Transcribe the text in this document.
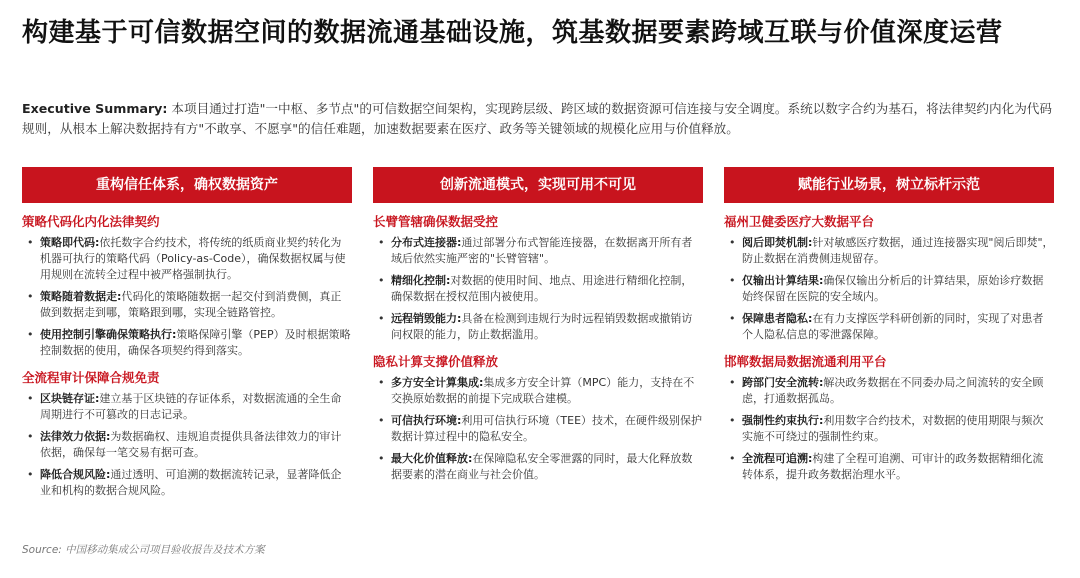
构建基于可信数据空间的数据流通基础设施，筑基数据要素跨域互联与价值深度运营
Executive Summary: 本项目通过打造"一中枢、多节点"的可信数据空间架构，实现跨层级、跨区域的数据资源可信连接与安全调度。系统以数字合约为基石，将法律契约内化为代码规则，从根本上解决数据持有方"不敢享、不愿享"的信任难题，加速数据要素在医疗、政务等关键领域的规模化应用与价值释放。
重构信任体系，确权数据资产
策略代码化内化法律契约
• 策略即代码:依托数字合约技术，将传统的纸质商业契约转化为机器可执行的策略代码（Policy-as-Code），确保数据权属与使用规则在流转全过程中被严格强制执行。
• 策略随着数据走:代码化的策略随数据一起交付到消费侧，真正做到数据走到哪，策略跟到哪，实现全链路管控。
• 使用控制引擎确保策略执行:策略保障引擎（PEP）及时根据策略控制数据的使用，确保各项契约得到落实。
全流程审计保障合规免责
• 区块链存证:建立基于区块链的存证体系，对数据流通的全生命周期进行不可篡改的日志记录。
• 法律效力依据:为数据确权、违规追责提供具备法律效力的审计依据，确保每一笔交易有据可查。
• 降低合规风险:通过透明、可追溯的数据流转记录，显著降低企业和机构的数据合规风险。
创新流通模式，实现可用不可见
长臂管辖确保数据受控
• 分布式连接器:通过部署分布式智能连接器，在数据离开所有者域后依然实施严密的"长臂管辖"。
• 精细化控制:对数据的使用时间、地点、用途进行精细化控制，确保数据在授权范围内被使用。
• 远程销毁能力:具备在检测到违规行为时远程销毁数据或撤销访问权限的能力，防止数据滥用。
隐私计算支撑价值释放
• 多方安全计算集成:集成多方安全计算（MPC）能力，支持在不交换原始数据的前提下完成联合建模。
• 可信执行环境:利用可信执行环境（TEE）技术，在硬件级别保护数据计算过程中的隐私安全。
• 最大化价值释放:在保障隐私安全零泄露的同时，最大化释放数据要素的潜在商业与社会价值。
赋能行业场景，树立标杆示范
福州卫健委医疗大数据平台
• 阅后即焚机制:针对敏感医疗数据，通过连接器实现"阅后即焚"，防止数据在消费侧违规留存。
• 仅输出计算结果:确保仅输出分析后的计算结果，原始诊疗数据始终保留在医院的安全域内。
• 保障患者隐私:在有力支撑医学科研创新的同时，实现了对患者个人隐私信息的零泄露保障。
邯郸数据局数据流通利用平台
• 跨部门安全流转:解决政务数据在不同委办局之间流转的安全顾虑，打通数据孤岛。
• 强制性约束执行:利用数字合约技术，对数据的使用期限与频次实施不可绕过的强制性约束。
• 全流程可追溯:构建了全程可追溯、可审计的政务数据精细化流转体系，提升政务数据治理水平。
Source: 中国移动集成公司项目验收报告及技术方案
